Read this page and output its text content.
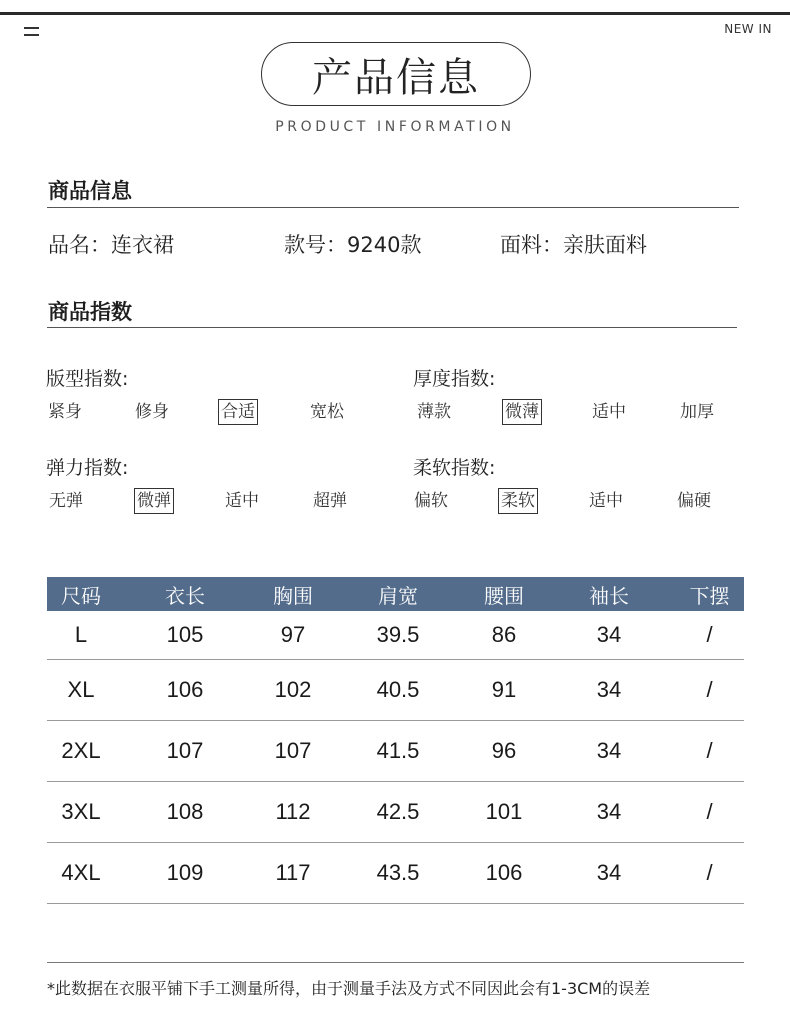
NEW IN
产品信息
PRODUCT INFORMATION
商品信息
品名：连衣裙	款号：9240款	面料：亲肤面料
商品指数
版型指数:
紧身	修身	合适	宽松
厚度指数:
薄款	微薄	适中	加厚
弹力指数:
无弹	微弹	适中	超弹
柔软指数:
偏软	柔软	适中	偏硬
尺码	衣长	胸围	肩宽	腰围	袖长	下摆
L	105	97	39.5	86	34	/
XL	106	102	40.5	91	34	/
2XL	107	107	41.5	96	34	/
3XL	108	112	42.5	101	34	/
4XL	109	117	43.5	106	34	/
*此数据在衣服平铺下手工测量所得，由于测量手法及方式不同因此会有1-3CM的误差
